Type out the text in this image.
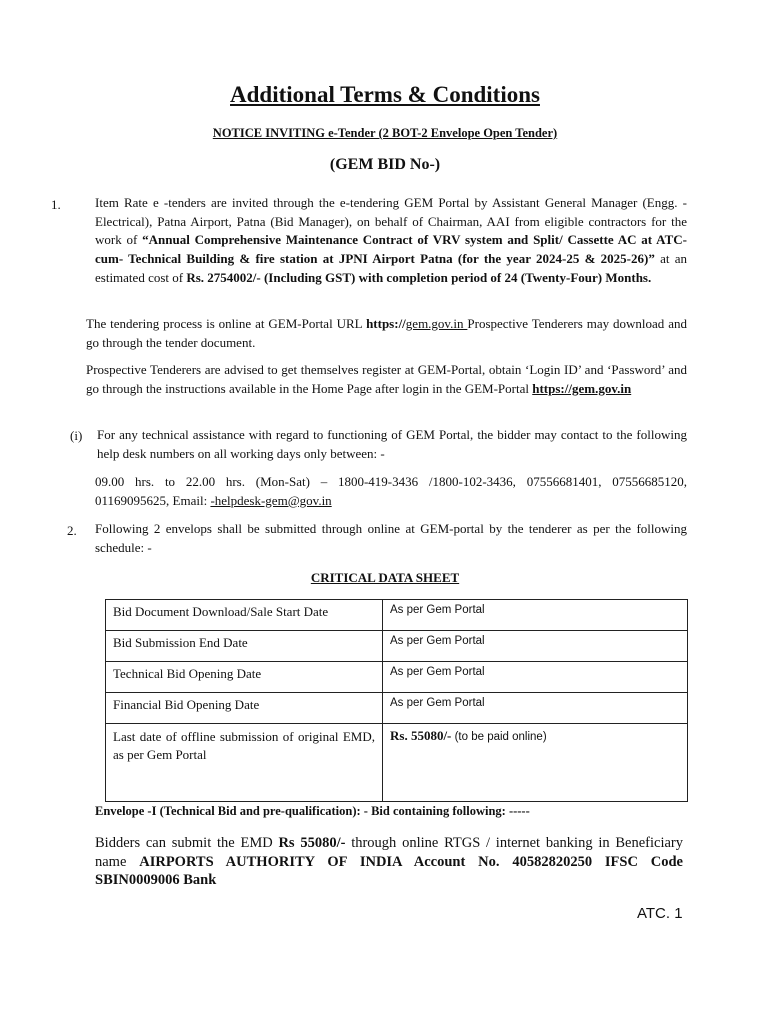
Additional Terms & Conditions
NOTICE INVITING e-Tender (2 BOT-2 Envelope Open Tender)
(GEM BID No-)
1.	Item Rate e -tenders are invited through the e-tendering GEM Portal by Assistant General Manager (Engg. -Electrical), Patna Airport, Patna (Bid Manager), on behalf of Chairman, AAI from eligible contractors for the work of “Annual Comprehensive Maintenance Contract of VRV system and Split/ Cassette AC at ATC- cum- Technical Building & fire station at JPNI Airport Patna (for the year 2024-25 & 2025-26)” at an estimated cost of Rs. 2754002/- (Including GST) with completion period of 24 (Twenty-Four) Months.
The tendering process is online at GEM-Portal URL https://gem.gov.in Prospective Tenderers may download and go through the tender document.
Prospective Tenderers are advised to get themselves register at GEM-Portal, obtain ‘Login ID’ and ‘Password’ and go through the instructions available in the Home Page after login in the GEM-Portal https://gem.gov.in
(i) For any technical assistance with regard to functioning of GEM Portal, the bidder may contact to the following help desk numbers on all working days only between: -
09.00 hrs. to 22.00 hrs. (Mon-Sat) – 1800-419-3436 /1800-102-3436, 07556681401, 07556685120, 01169095625, Email: -helpdesk-gem@gov.in
2. Following 2 envelops shall be submitted through online at GEM-portal by the tenderer as per the following schedule: -
CRITICAL DATA SHEET
Bid Document Download/Sale Start Date	As per Gem Portal
Bid Submission End Date	As per Gem Portal
Technical Bid Opening Date	As per Gem Portal
Financial Bid Opening Date	As per Gem Portal
Last date of offline submission of original EMD, as per Gem Portal	Rs. 55080/- (to be paid online)
Envelope -I (Technical Bid and pre-qualification): - Bid containing following: -----
Bidders can submit the EMD Rs 55080/- through online RTGS / internet banking in Beneficiary name AIRPORTS AUTHORITY OF INDIA Account No. 40582820250 IFSC Code SBIN0009006 Bank
ATC. 1
